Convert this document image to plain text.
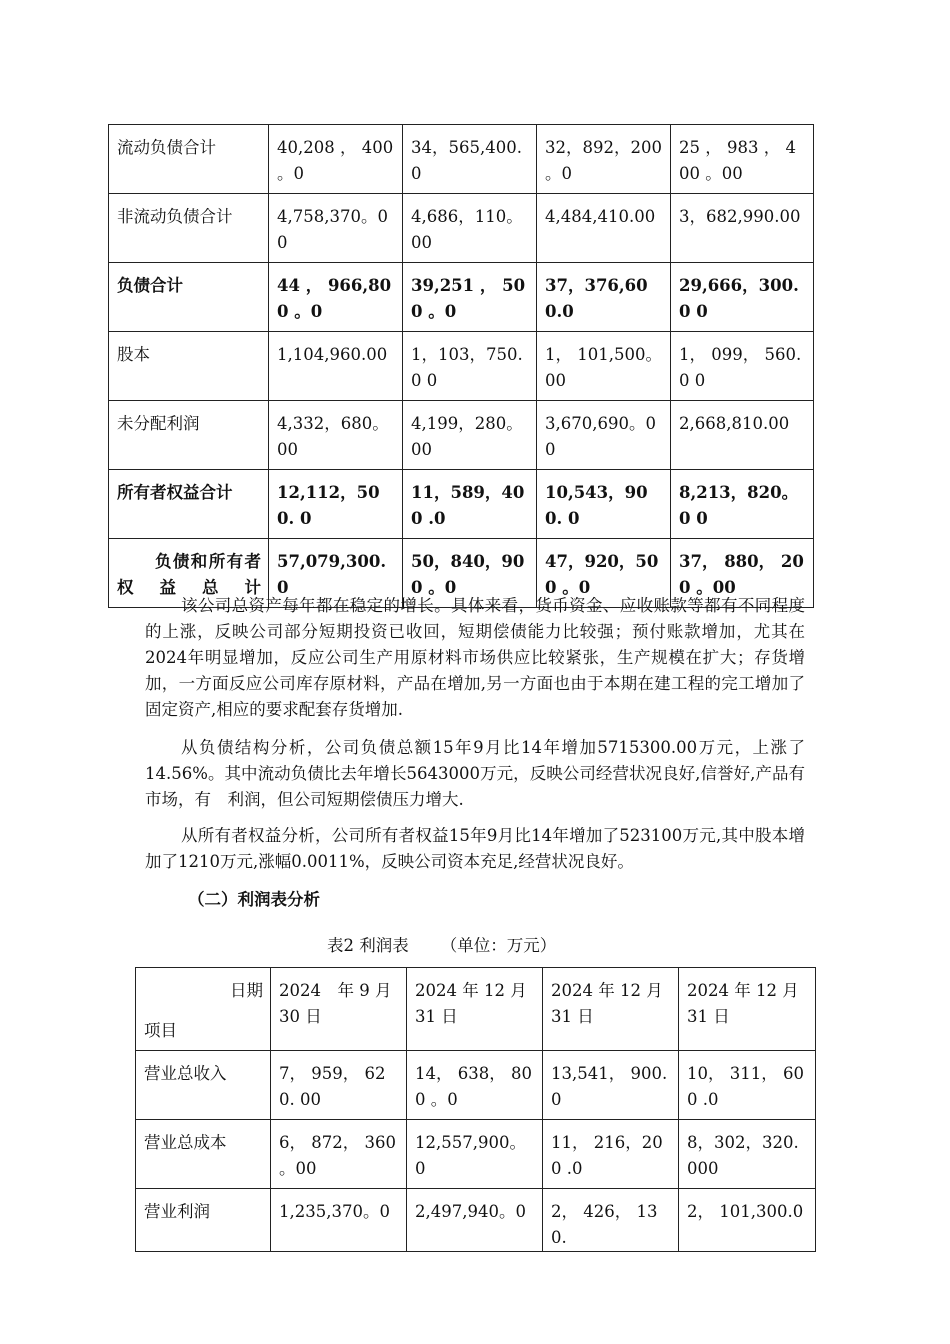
流动负债合计	40,208 ， 400 。0	34，565,400.0	32，892，200 。0	25 ， 983 ， 400 。00
非流动负债合计	4,758,370。00	4,686，110。00	4,484,410.00	3，682,990.00
负债合计	44 ， 966,800 。0	39,251 ， 500 。0	37，376,600.0	29,666，300.0 0
股本	1,104,960.00	1，103，750.0 0	1， 101,500。 00	1， 099， 560.0 0
未分配利润	4,332，680。 00	4,199，280。 00	3,670,690。0 0	2,668,810.00
所有者权益合计	12,112，500. 0	11，589，400 .0	10,543，900. 0	8,213，820。0 0
负债和所有者权益总计	57,079,300.0	50，840，900 。0	47，920，500 。0	37， 880， 200 。00

该公司总资产每年都在稳定的增长。具体来看，货币资金、应收账款等都有不同程度的上涨，反映公司部分短期投资已收回，短期偿债能力比较强；预付账款增加，尤其在2024年明显增加，反应公司生产用原材料市场供应比较紧张，生产规模在扩大；存货增加，一方面反应公司库存原材料，产品在增加,另一方面也由于本期在建工程的完工增加了固定资产,相应的要求配套存货增加.

从负债结构分析，公司负债总额15年9月比14年增加5715300.00万元，上涨了14.56%。其中流动负债比去年增长5643000万元，反映公司经营状况良好,信誉好,产品有市场，有　利润，但公司短期偿债压力增大.

从所有者权益分析，公司所有者权益15年9月比14年增加了523100万元,其中股本增加了1210万元,涨幅0.0011%，反映公司资本充足,经营状况良好。

（二）利润表分析

表2 利润表 （单位：万元）

日期
项目	2024　年 9 月 30 日	2024 年 12 月 31 日	2024 年 12 月 31 日	2024 年 12 月 31 日
营业总收入	7， 959， 620. 00	14， 638， 800 。0	13,541， 900. 0	10， 311， 600 .0
营业总成本	6， 872， 360 。00	12,557,900。 0	11， 216，200 .0	8，302，320. 000
营业利润	1,235,370。0	2,497,940。0	2， 426， 130.	2， 101,300.0
